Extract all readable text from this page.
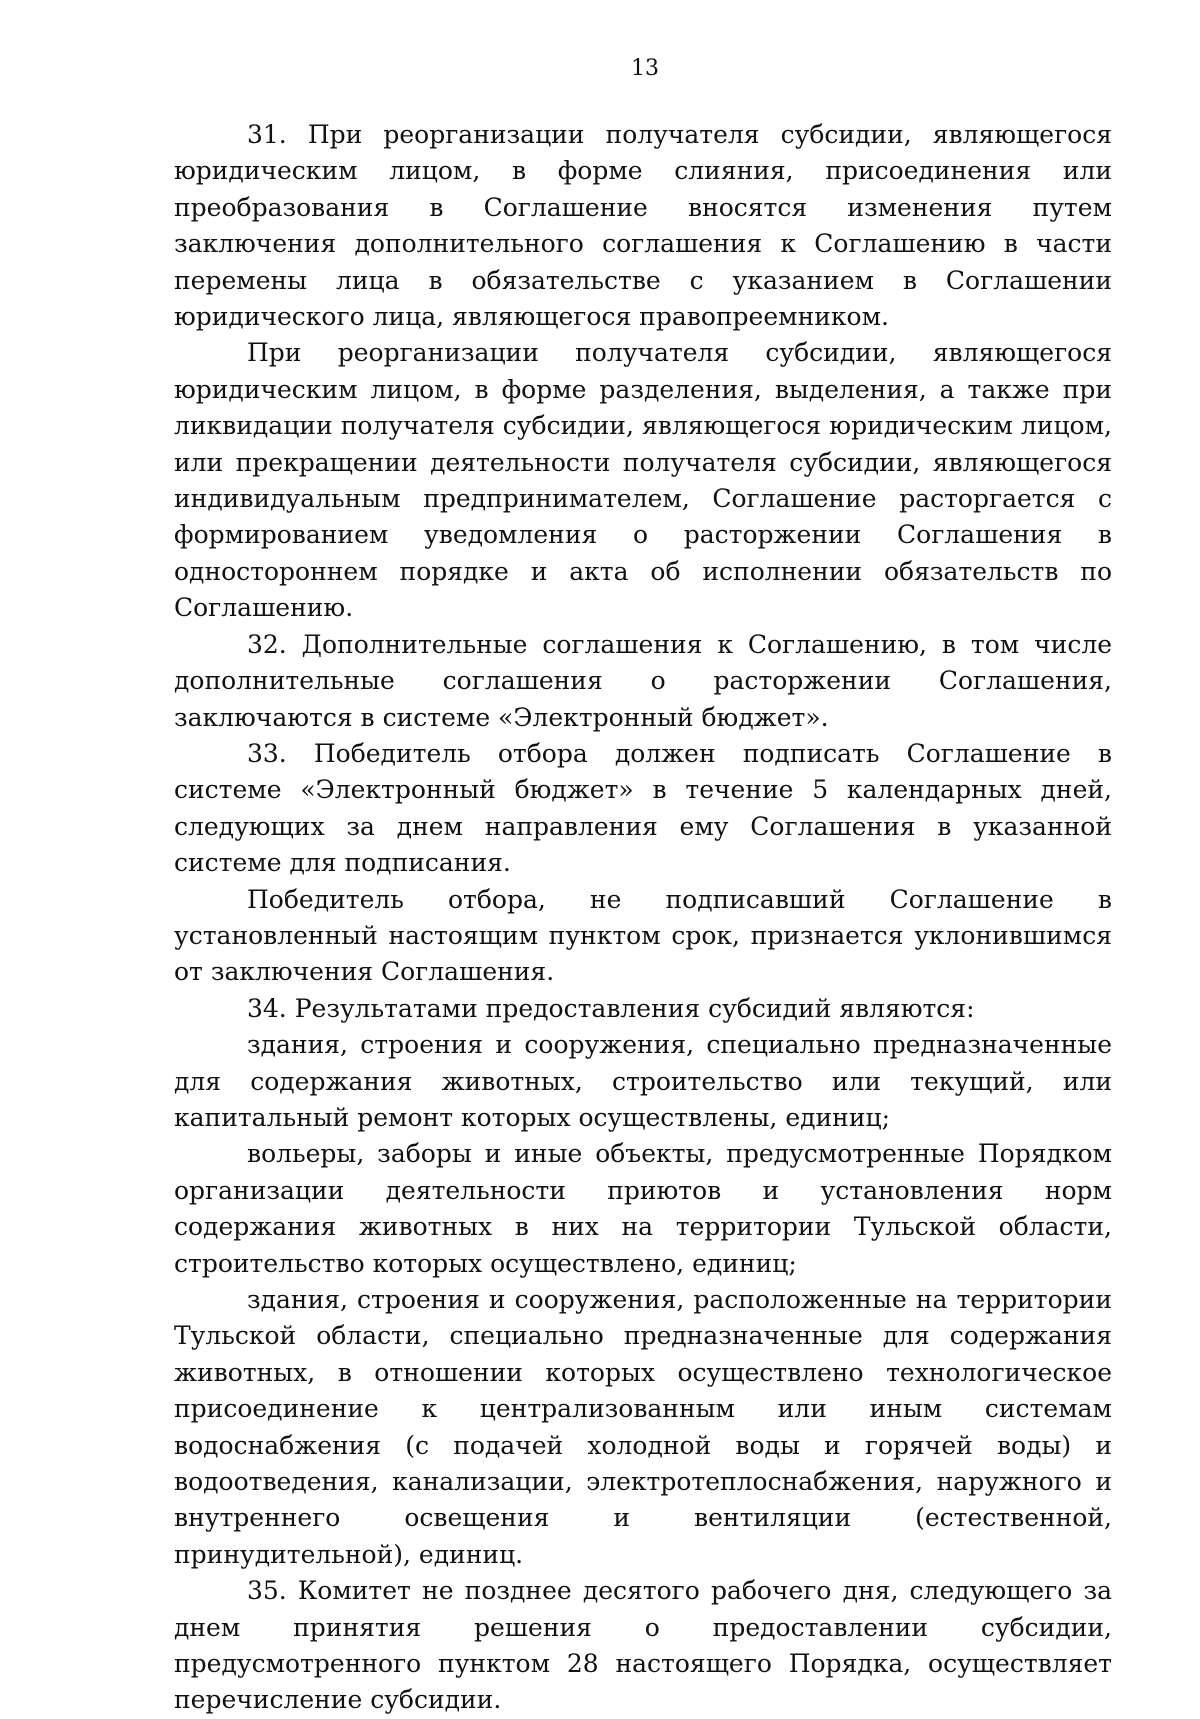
13

31. При реорганизации получателя субсидии, являющегося юридическим лицом, в форме слияния, присоединения или преобразования в Соглашение вносятся изменения путем заключения дополнительного соглашения к Соглашению в части перемены лица в обязательстве с указанием в Соглашении юридического лица, являющегося правопреемником.

При реорганизации получателя субсидии, являющегося юридическим лицом, в форме разделения, выделения, а также при ликвидации получателя субсидии, являющегося юридическим лицом, или прекращении деятельности получателя субсидии, являющегося индивидуальным предпринимателем, Соглашение расторгается с формированием уведомления о расторжении Соглашения в одностороннем порядке и акта об исполнении обязательств по Соглашению.

32. Дополнительные соглашения к Соглашению, в том числе дополнительные соглашения о расторжении Соглашения, заключаются в системе «Электронный бюджет».

33. Победитель отбора должен подписать Соглашение в системе «Электронный бюджет» в течение 5 календарных дней, следующих за днем направления ему Соглашения в указанной системе для подписания.

Победитель отбора, не подписавший Соглашение в установленный настоящим пунктом срок, признается уклонившимся от заключения Соглашения.

34. Результатами предоставления субсидий являются:

здания, строения и сооружения, специально предназначенные для содержания животных, строительство или текущий, или капитальный ремонт которых осуществлены, единиц;

вольеры, заборы и иные объекты, предусмотренные Порядком организации деятельности приютов и установления норм содержания животных в них на территории Тульской области, строительство которых осуществлено, единиц;

здания, строения и сооружения, расположенные на территории Тульской области, специально предназначенные для содержания животных, в отношении которых осуществлено технологическое присоединение к централизованным или иным системам водоснабжения (с подачей холодной воды и горячей воды) и водоотведения, канализации, электротеплоснабжения, наружного и внутреннего освещения и вентиляции (естественной, принудительной), единиц.

35. Комитет не позднее десятого рабочего дня, следующего за днем принятия решения о предоставлении субсидии, предусмотренного пунктом 28 настоящего Порядка, осуществляет перечисление субсидии.
